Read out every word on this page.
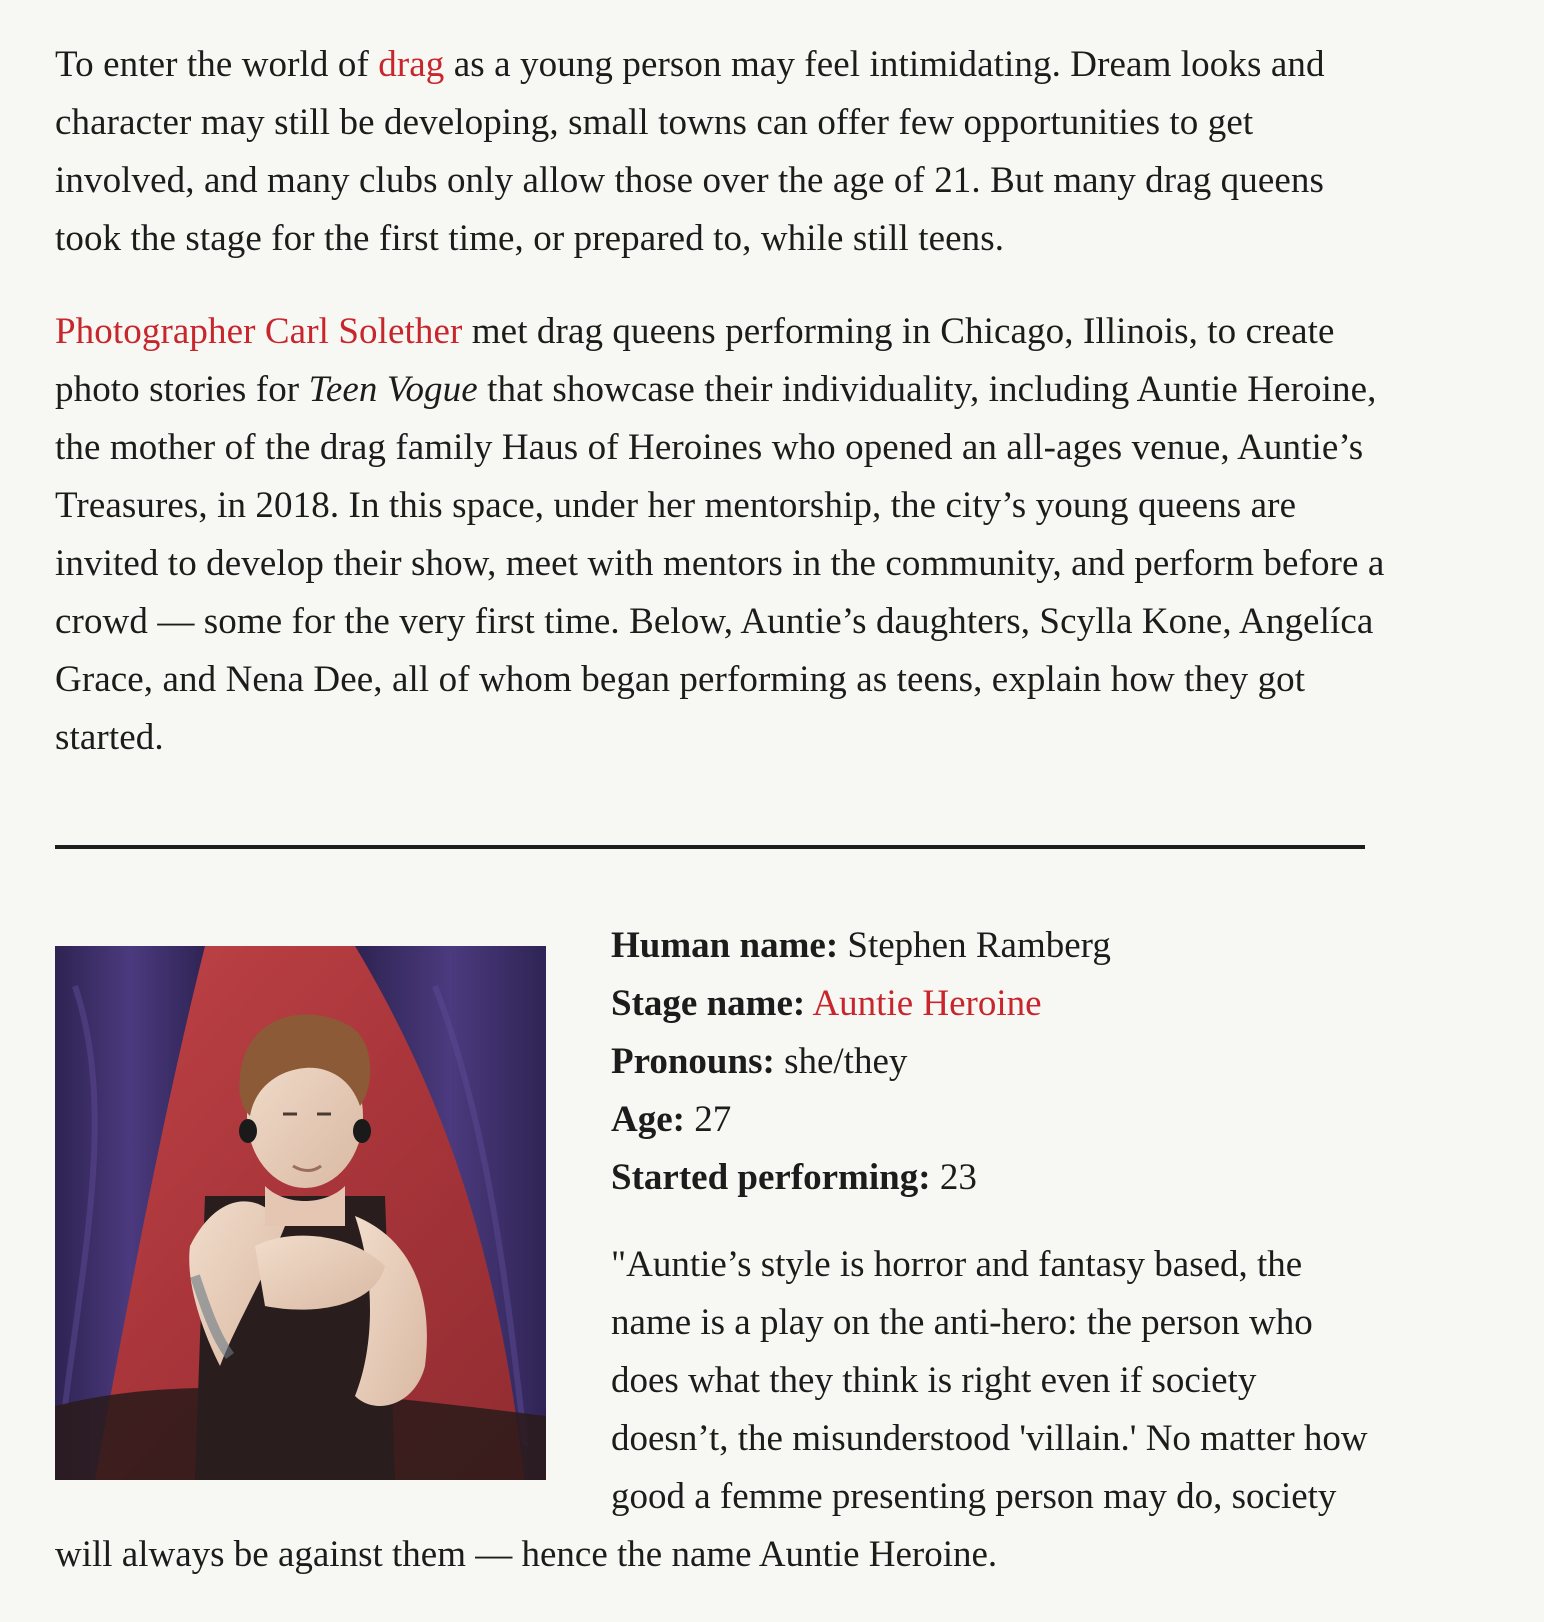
To enter the world of drag as a young person may feel intimidating. Dream looks and character may still be developing, small towns can offer few opportunities to get involved, and many clubs only allow those over the age of 21. But many drag queens took the stage for the first time, or prepared to, while still teens.

Photographer Carl Solether met drag queens performing in Chicago, Illinois, to create photo stories for Teen Vogue that showcase their individuality, including Auntie Heroine, the mother of the drag family Haus of Heroines who opened an all-ages venue, Auntie’s Treasures, in 2018. In this space, under her mentorship, the city’s young queens are invited to develop their show, meet with mentors in the community, and perform before a crowd — some for the very first time. Below, Auntie’s daughters, Scylla Kone, Angelíca Grace, and Nena Dee, all of whom began performing as teens, explain how they got started.

Human name: Stephen Ramberg
Stage name: Auntie Heroine
Pronouns: she/they
Age: 27
Started performing: 23

"Auntie’s style is horror and fantasy based, the name is a play on the anti-hero: the person who does what they think is right even if society doesn’t, the misunderstood 'villain.' No matter how good a femme presenting person may do, society will always be against them — hence the name Auntie Heroine.
